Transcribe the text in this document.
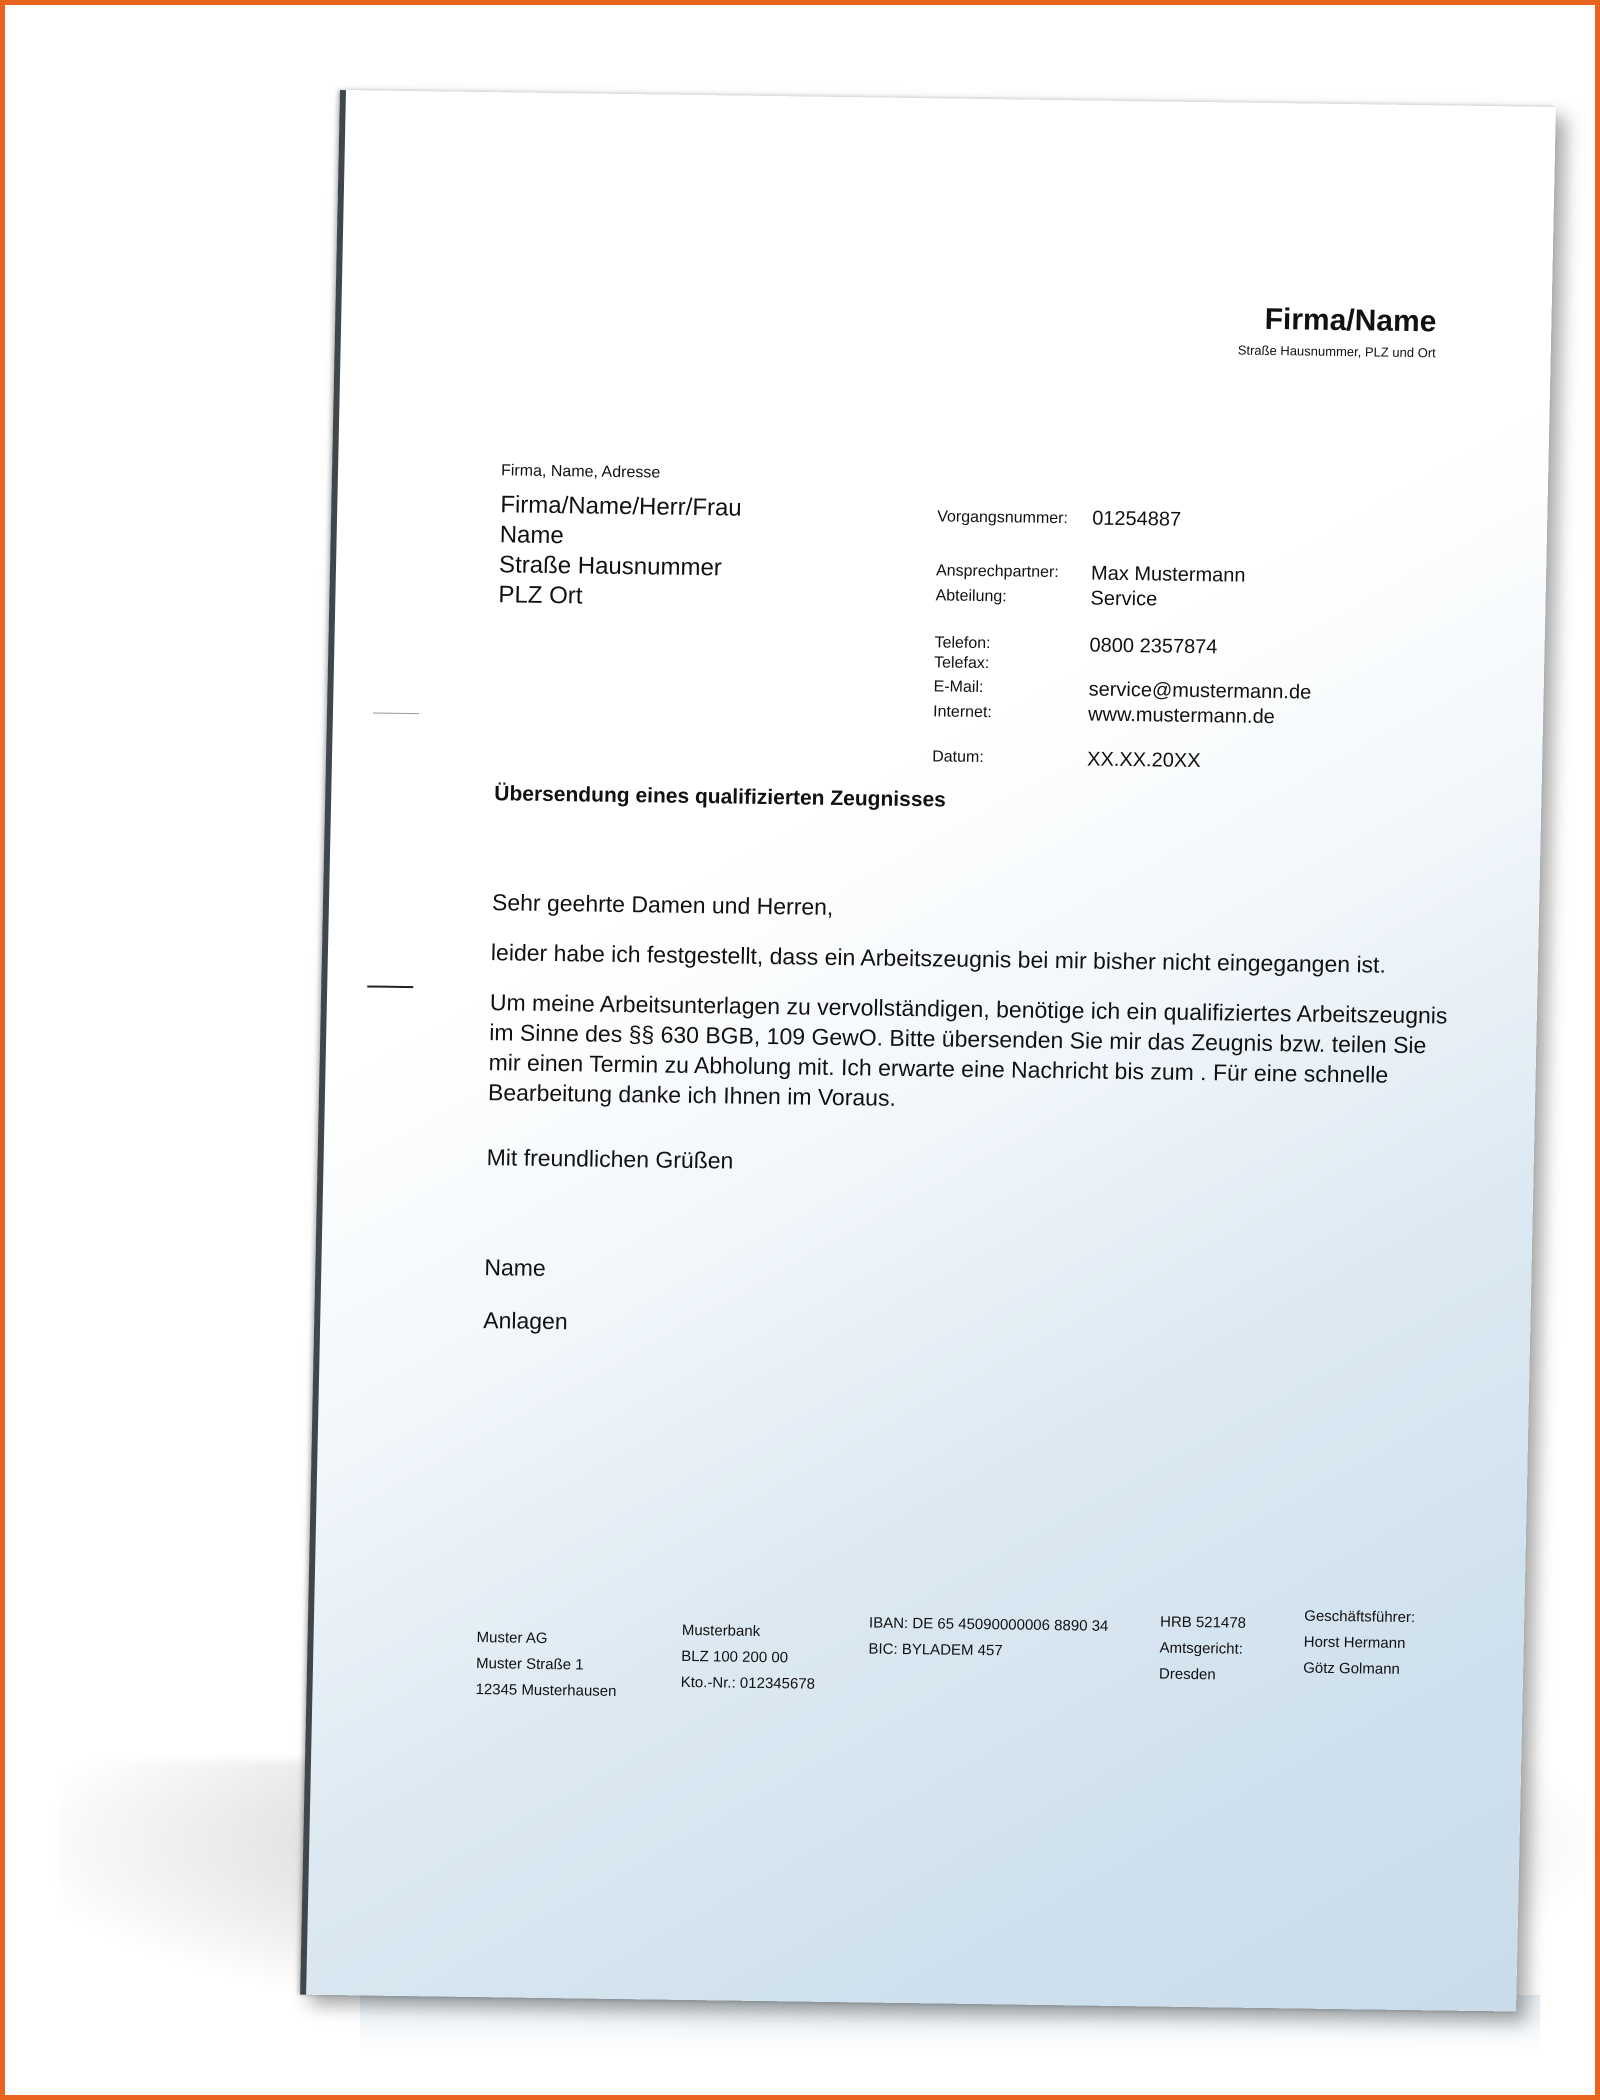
Firma/Name
Straße Hausnummer, PLZ und Ort
Firma, Name, Adresse
Firma/Name/Herr/Frau
Name
Straße Hausnummer
PLZ Ort
Vorgangsnummer:
Ansprechpartner:
Abteilung:
Telefon:
Telefax:
E-Mail:
Internet:
Datum:
01254887
Max Mustermann
Service
0800 2357874
service@mustermann.de
www.mustermann.de
XX.XX.20XX
Übersendung eines qualifizierten Zeugnisses
Sehr geehrte Damen und Herren,
leider habe ich festgestellt, dass ein Arbeitszeugnis bei mir bisher nicht eingegangen ist.
Um meine Arbeitsunterlagen zu vervollständigen, benötige ich ein qualifiziertes Arbeitszeugnis
im Sinne des §§ 630 BGB, 109 GewO. Bitte übersenden Sie mir das Zeugnis bzw. teilen Sie
mir einen Termin zu Abholung mit. Ich erwarte eine Nachricht bis zum . Für eine schnelle
Bearbeitung danke ich Ihnen im Voraus.
Mit freundlichen Grüßen
Name
Anlagen
Muster AG
Muster Straße 1
12345 Musterhausen
Musterbank
BLZ 100 200 00
Kto.-Nr.: 012345678
IBAN: DE 65 45090000006 8890 34
BIC: BYLADEM 457
HRB 521478
Amtsgericht:
Dresden
Geschäftsführer:
Horst Hermann
Götz Golmann
